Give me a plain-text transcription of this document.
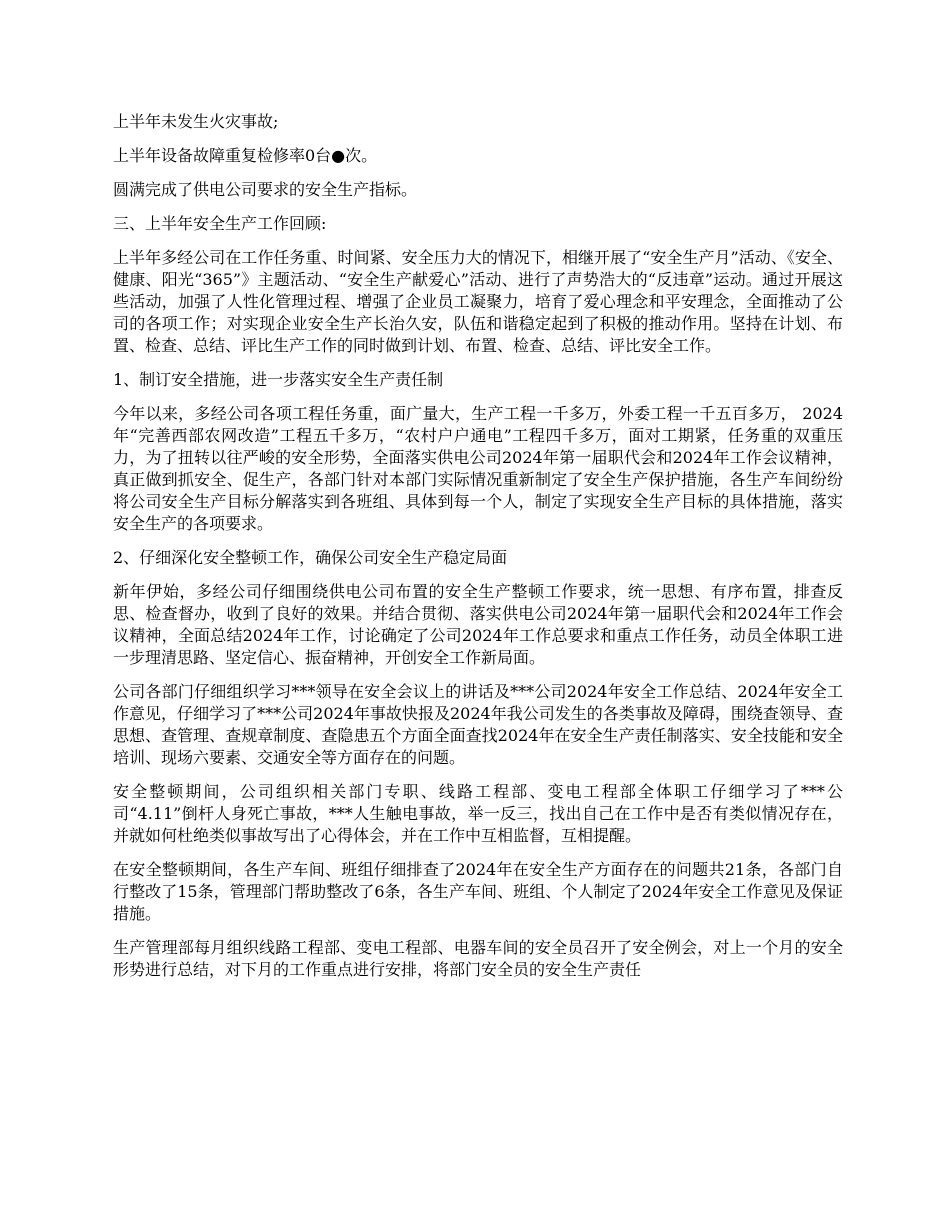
上半年未发生火灾事故;

上半年设备故障重复检修率0台●次。

圆满完成了供电公司要求的安全生产指标。

三、上半年安全生产工作回顾:

上半年多经公司在工作任务重、时间紧、安全压力大的情况下，相继开展了“安全生产月”活动、《安全、健康、阳光“365”》主题活动、“安全生产献爱心”活动、进行了声势浩大的“反违章”运动。通过开展这些活动，加强了人性化管理过程、增强了企业员工凝聚力，培育了爱心理念和平安理念，全面推动了公司的各项工作；对实现企业安全生产长治久安，队伍和谐稳定起到了积极的推动作用。坚持在计划、布置、检查、总结、评比生产工作的同时做到计划、布置、检查、总结、评比安全工作。

1、制订安全措施，进一步落实安全生产责任制

今年以来，多经公司各项工程任务重，面广量大，生产工程一千多万，外委工程一千五百多万， 2024年“完善西部农网改造”工程五千多万，“农村户户通电”工程四千多万，面对工期紧，任务重的双重压力，为了扭转以往严峻的安全形势，全面落实供电公司2024年第一届职代会和2024年工作会议精神，真正做到抓安全、促生产，各部门针对本部门实际情况重新制定了安全生产保护措施，各生产车间纷纷将公司安全生产目标分解落实到各班组、具体到每一个人，制定了实现安全生产目标的具体措施，落实安全生产的各项要求。

2、仔细深化安全整顿工作，确保公司安全生产稳定局面

新年伊始，多经公司仔细围绕供电公司布置的安全生产整顿工作要求，统一思想、有序布置，排查反思、检查督办，收到了良好的效果。并结合贯彻、落实供电公司2024年第一届职代会和2024年工作会议精神，全面总结2024年工作，讨论确定了公司2024年工作总要求和重点工作任务，动员全体职工进一步理清思路、坚定信心、振奋精神，开创安全工作新局面。

公司各部门仔细组织学习***领导在安全会议上的讲话及***公司2024年安全工作总结、2024年安全工作意见，仔细学习了***公司2024年事故快报及2024年我公司发生的各类事故及障碍，围绕查领导、查思想、查管理、查规章制度、查隐患五个方面全面查找2024年在安全生产责任制落实、安全技能和安全培训、现场六要素、交通安全等方面存在的问题。

安全整顿期间，公司组织相关部门专职、线路工程部、变电工程部全体职工仔细学习了***公司“4.11”倒杆人身死亡事故，***人生触电事故，举一反三，找出自己在工作中是否有类似情况存在，并就如何杜绝类似事故写出了心得体会，并在工作中互相监督，互相提醒。

在安全整顿期间，各生产车间、班组仔细排查了2024年在安全生产方面存在的问题共21条，各部门自行整改了15条，管理部门帮助整改了6条，各生产车间、班组、个人制定了2024年安全工作意见及保证措施。

生产管理部每月组织线路工程部、变电工程部、电器车间的安全员召开了安全例会，对上一个月的安全形势进行总结，对下月的工作重点进行安排，将部门安全员的安全生产责任
